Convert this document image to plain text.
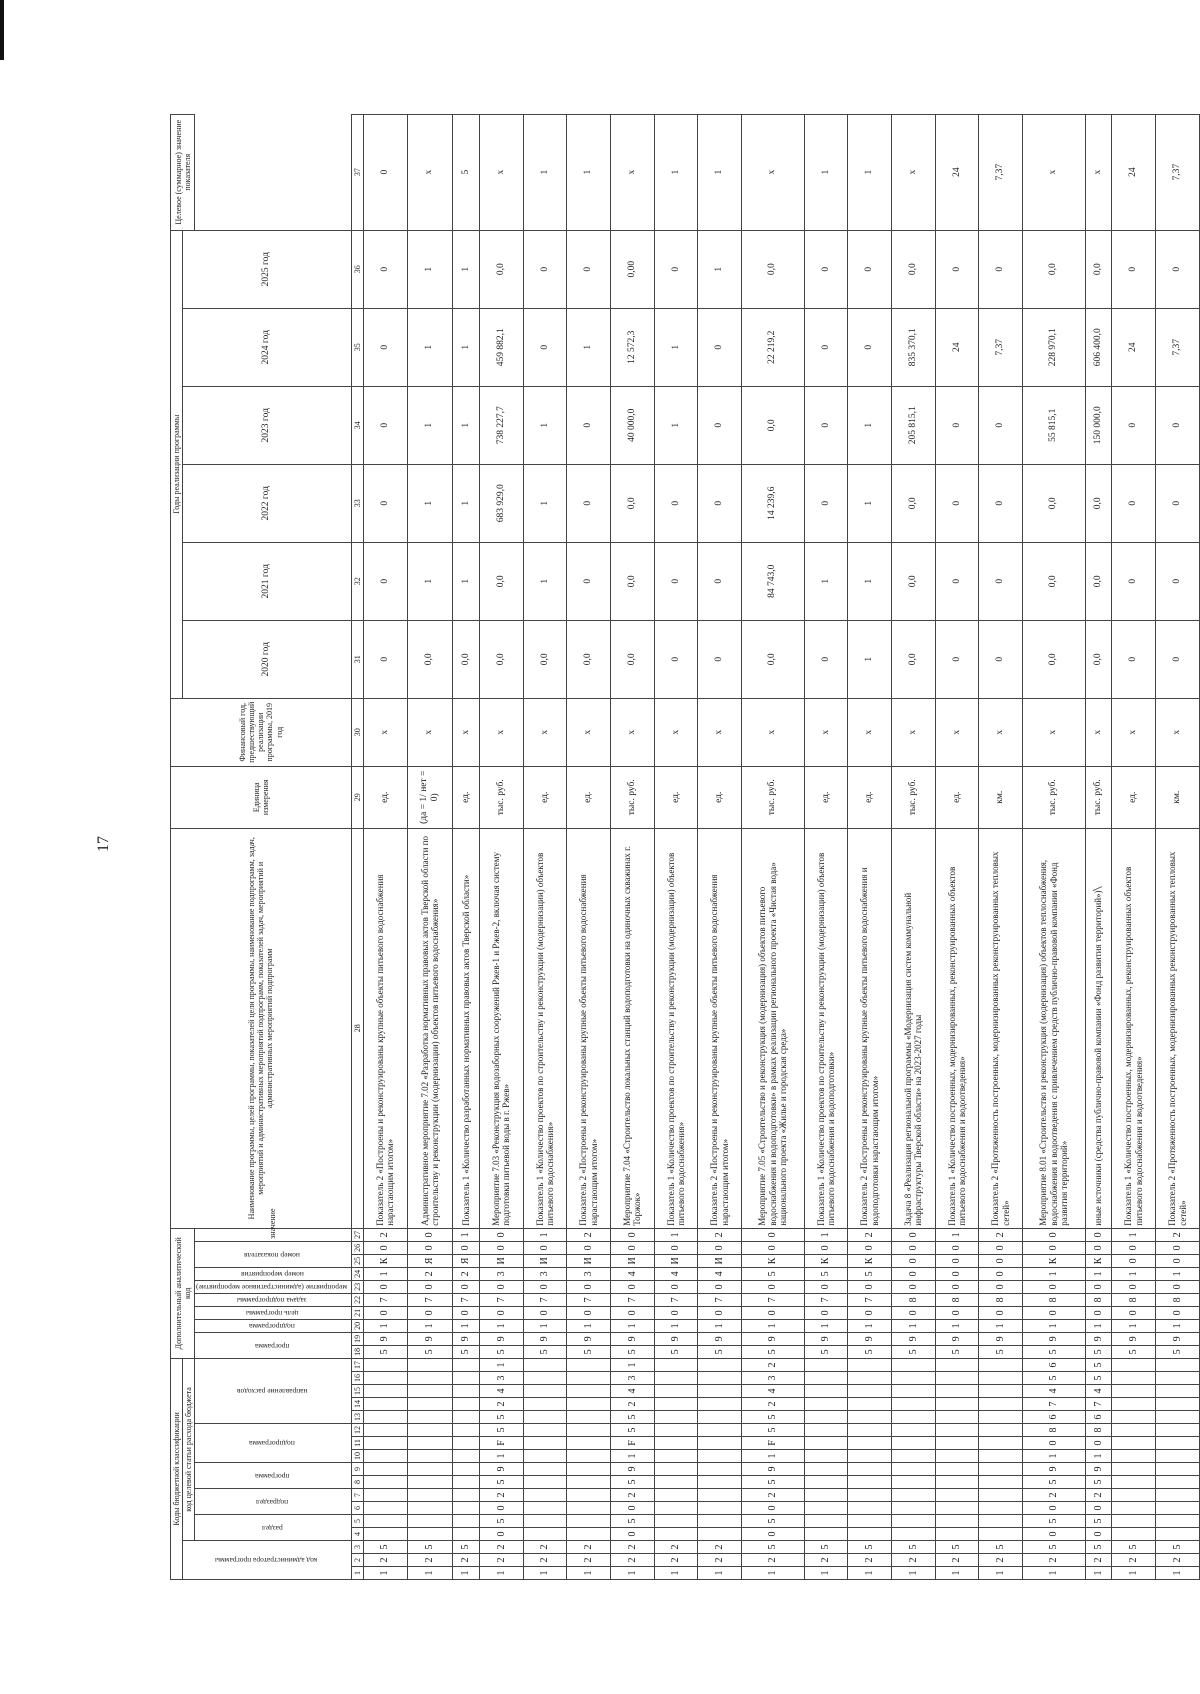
17
Коды бюджетной классификации																	Дополнительный аналитический код										Наименование программы, целей программы, показателей цели программы, наименование подпрограмм, задач, мероприятий и административных мероприятий подпрограмм, показателей задач, мероприятий и административных мероприятий подпрограмм	Единица измерения	Финансовый год, предшествующий реализации программы, 2019 год	Годы реализации программы						Целевое (суммарное) значение показателя
код администратора программы			код целевой статьи расхода бюджета																											2020 год	2021 год	2022 год	2023 год	2024 год	2025 год	
			раздел		подраздел		программа		подпрограмма			направление расходов					программа		подпрограмма	цель программы	задача подпрограммы	мероприятие (административное мероприятие)	номер мероприятия	номер показателя		значение										
1	2	3	4	5	6	7	8	9	10	11	12	13	14	15	16	17	18	19	20	21	22	23	24	25	26	27	28	29	30	31	32	33	34	35	36	37
1	2	5															5	9	1	0	7	0	1	К	0	2	Показатель 2 «Построены и реконструированы крупные объекты питьевого водоснабжения нарастающим итогом»	ед.	х	0	0	0	0	0	0	0
1	2	5															5	9	1	0	7	0	2	Я	0	0	Административное мероприятие 7.02 «Разработка нормативных правовых актов Тверской области по строительству и реконструкции (модернизации) объектов питьевого водоснабжения»	(да = 1/ нет = 0)	х	0,0	1	1	1	1	1	х
1	2	5															5	9	1	0	7	0	2	Я	0	1	Показатель 1 «Количество разработанных нормативных правовых актов Тверской области»	ед.	х	0,0	1	1	1	1	1	5
1	2	2	0	5	0	2	5	9	1	F	5	5	2	4	3	1	5	9	1	0	7	0	3	И	0	0	Мероприятие 7.03 «Реконструкция водозаборных сооружений Ржев-1 и Ржев-2, включая систему подготовки питьевой воды в г. Ржев»	тыс. руб.	х	0,0	0,0	683 929,0	738 227,7	459 882,1	0,0	х
1	2	2															5	9	1	0	7	0	3	И	0	1	Показатель 1 «Количество проектов по строительству и реконструкции (модернизации) объектов питьевого водоснабжения»	ед.	х	0,0	1	1	1	0	0	1
1	2	2															5	9	1	0	7	0	3	И	0	2	Показатель 2 «Построены и реконструированы крупные объекты питьевого водоснабжения нарастающим итогом»	ед.	х	0,0	0	0	0	1	0	1
1	2	2	0	5	0	2	5	9	1	F	5	5	2	4	3	1	5	9	1	0	7	0	4	И	0	0	Мероприятие 7.04 «Строительство локальных станций водоподготовки на одиночных скважинах г. Торжок»	тыс. руб.	х	0,0	0,0	0,0	40 000,0	12 572,3	0,00	х
1	2	2															5	9	1	0	7	0	4	И	0	1	Показатель 1 «Количество проектов по строительству и реконструкции (модернизации) объектов питьевого водоснабжения»	ед.	х	0	0	0	1	1	0	1
1	2	2															5	9	1	0	7	0	4	И	0	2	Показатель 2 «Построены и реконструированы крупные объекты питьевого водоснабжения нарастающим итогом»	ед.	х	0	0	0	0	0	1	1
1	2	5	0	5	0	2	5	9	1	F	5	5	2	4	3	2	5	9	1	0	7	0	5	К	0	0	Мероприятие 7.05 «Строительство и реконструкция (модернизация) объектов питьевого водоснабжения и водоподготовки» в рамках реализации регионального проекта «Чистая вода» национального проекта «Жилье и городская среда»	тыс. руб.	х	0,0	84 743,0	14 239,6	0,0	22 219,2	0,0	х
1	2	5															5	9	1	0	7	0	5	К	0	1	Показатель 1 «Количество проектов по строительству и реконструкции (модернизации) объектов питьевого водоснабжения и водоподготовки»	ед.	х	0	1	0	0	0	0	1
1	2	5															5	9	1	0	7	0	5	К	0	2	Показатель 2 «Построены и реконструированы крупные объекты питьевого водоснабжения и водоподготовки нарастающим итогом»	ед.	х	1	1	1	1	0	0	1
1	2	5															5	9	1	0	8	0	0	0	0	0	Задача 8 «Реализация региональной программы «Модернизация систем коммунальной инфраструктуры Тверской области» на 2023-2027 годы	тыс. руб.	х	0,0	0,0	0,0	205 815,1	835 370,1	0,0	х
1	2	5															5	9	1	0	8	0	0	0	0	1	Показатель 1 «Количество построенных, модернизированных, реконструированных объектов питьевого водоснабжения и водоотведения»	ед.	х	0	0	0	0	24	0	24
1	2	5															5	9	1	0	8	0	0	0	0	2	Показатель 2 «Протяженность построенных, модернизированных реконструированных тепловых сетей»	км.	х	0	0	0	0	7,37	0	7,37
1	2	5	0	5	0	2	5	9	1	0	8	6	7	4	5	6	5	9	1	0	8	0	1	К	0	0	Мероприятие 8.01 «Строительство и реконструкция (модернизация) объектов теплоснабжения, водоснабжения и водоотведения с привлечением средств публично-правовой компании «Фонд развития территорий»	тыс. руб.	х	0,0	0,0	0,0	55 815,1	228 970,1	0,0	х
1	2	5	0	5	0	2	5	9	1	0	8	6	7	4	5	5	5	9	1	0	8	0	1	К	0	0	иные источники (средства публично-правовой компании «Фонд развития территорий»)	тыс. руб.	х	0,0	0,0	0,0	150 000,0	606 400,0	0,0	х
1	2	5															5	9	1	0	8	0	1	0	0	1	Показатель 1 «Количество построенных, модернизированных, реконструированных объектов питьевого водоснабжения и водоотведения»	ед.	х	0	0	0	0	24	0	24
1	2	5															5	9	1	0	8	0	1	0	0	2	Показатель 2 «Протяженность построенных, модернизированных реконструированных тепловых сетей»	км.	х	0	0	0	0	7,37	0	7,37
